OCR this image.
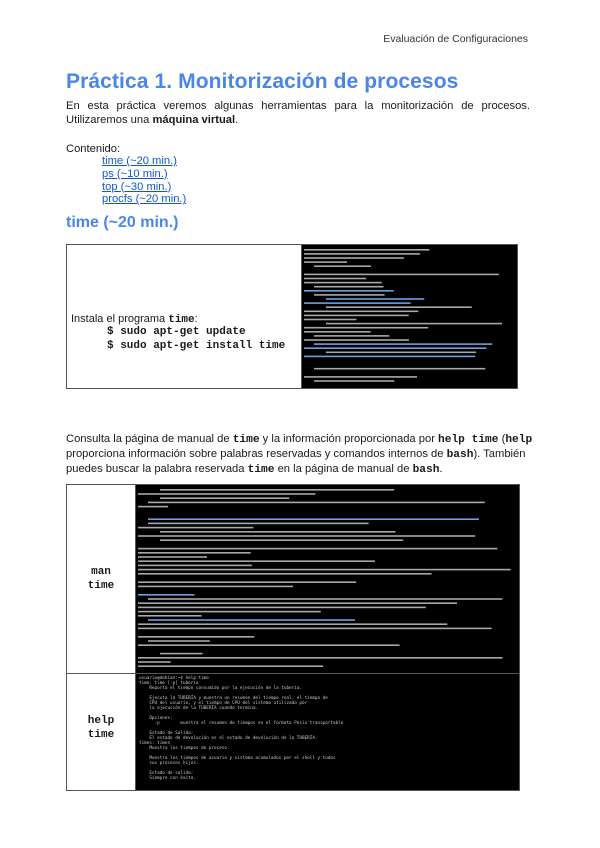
Evaluación de Configuraciones
Práctica 1. Monitorización de procesos
En esta práctica veremos algunas herramientas para la monitorización de procesos. Utilizaremos una máquina virtual.
Contenido:
time (~20 min.)
ps (~10 min.)
top (~30 min.)
procfs (~20 min.)
time (~20 min.)
Instala el programa time:
$ sudo apt-get update
$ sudo apt-get install time
Consulta la página de manual de time y la información proporcionada por help time (help proporciona información sobre palabras reservadas y comandos internos de bash). También puedes buscar la palabra reservada time en la página de manual de bash.
man
time
help
time
usuario@debian:~$ help time
time: time [-p] tubería
Reporta el tiempo consumido por la ejecución de la tubería.

Ejecuta la TUBERÍA y muestra un resumen del tiempo real, el tiempo de
CPU del usuario, y el tiempo de CPU del sistema utilizado por
la ejecución de la TUBERÍA cuando termina.

Opciones:
-p        muestra el resumen de tiempos en el formato Posix transportable

Estado de Salida:
El estado de devolución es el estado de devolución de la TUBERÍA.
times: times
Muestra los tiempos de proceso.

Muestra los tiempos de usuario y sistema acumulados por el shell y todos
sus procesos hijos.

Estado de salida:
Siempre con éxito.
